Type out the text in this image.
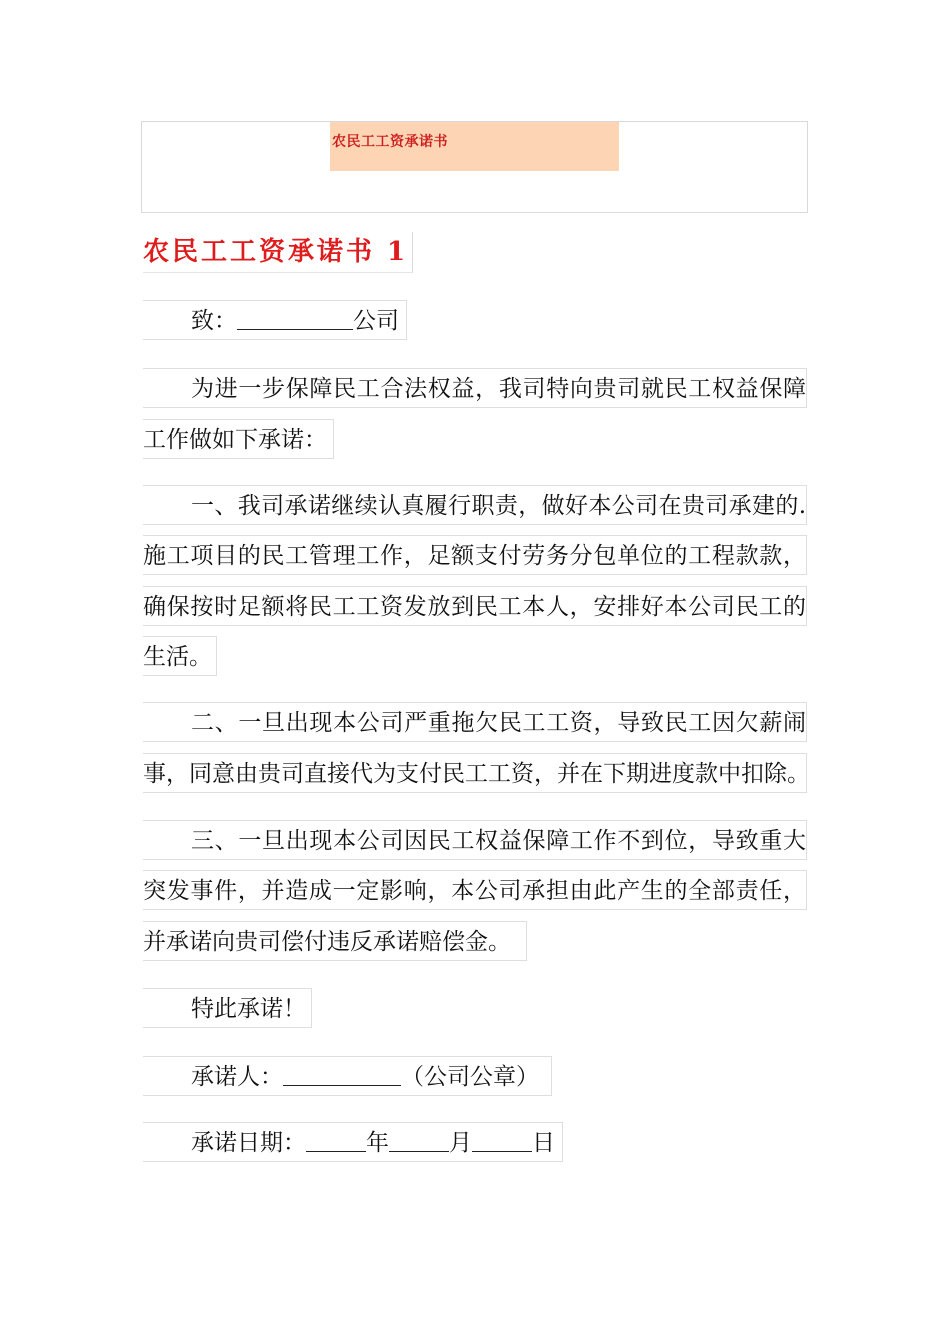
农民工工资承诺书
农民工工资承诺书 1
致：	公司
为进一步保障民工合法权益，我司特向贵司就民工权益保障
工作做如下承诺：
一、我司承诺继续认真履行职责，做好本公司在贵司承建的.
施工项目的民工管理工作，足额支付劳务分包单位的工程款款，
确保按时足额将民工工资发放到民工本人，安排好本公司民工的
生活。
二、一旦出现本公司严重拖欠民工工资，导致民工因欠薪闹
事，同意由贵司直接代为支付民工工资，并在下期进度款中扣除。
三、一旦出现本公司因民工权益保障工作不到位，导致重大
突发事件，并造成一定影响，本公司承担由此产生的全部责任，
并承诺向贵司偿付违反承诺赔偿金。
特此承诺！
承诺人：	（公司公章）
承诺日期：	年	月	日
